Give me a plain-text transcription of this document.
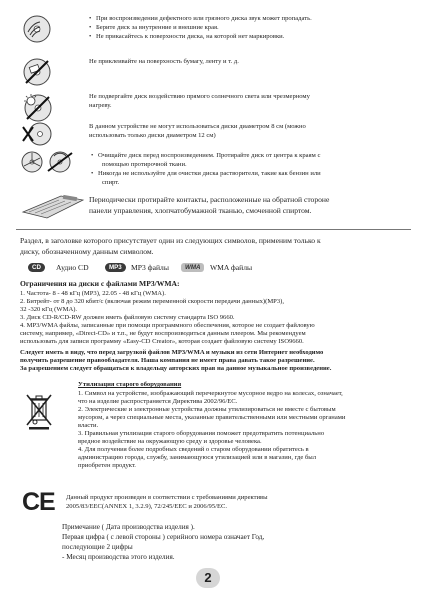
• При воспроизведении дефектного или грязного диска звук может пропадать.
• Берите диск за внутренние и внешние края.
• Не прикасайтесь к поверхности диска, на которой нет маркировки.
Не приклеивайте на поверхность бумагу, ленту и т. д.
Не подвергайте диск воздействию прямого солнечного света или чрезмерному
нагреву.
В данном устройстве не могут использоваться диски диаметром 8 см (можно
использовать только диски диаметром 12 см)
• Очищайте диск перед воспроизведением. Протирайте диск от центра к краям с
помощью протирочной ткани.
• Никогда не используйте для очистки диска растворители, такие как бензин или
спирт.
Периодически протирайте контакты, расположенные на обратной стороне
панели управления, хлопчатобумажной тканью, смоченной спиртом.
Раздел, в заголовке которого присутствует один из следующих символов, применим только к
диску, обозначенному данным символом.
CD	Аудио CD	MP3	MP3 файлы	WMA	WMA файлы
Ограничения на диски с файлами MP3/WMA:
1. Частота- 8 - 48 кГц (MP3), 22.05 - 48 кГц (WMA).
2. Битрейт- от 8 до 320 кбит/с (включая режим переменной скорости передачи данных)(MP3),
32 -320 кГц (WMA).
3. Диск CD-R/CD-RW должен иметь файловую систему стандарта ISO 9660.
4. MP3/WMA файлы, записанные при помощи программного обеспечения, которое не создает файловую
систему, например, «Direct-CD» и т.п., не будут воспроизводиться данным плеером. Мы рекомендуем
использовать для записи программу «Easy-CD Creator», которая создает файловую систему ISO9660.
Следует иметь в виду, что перед загрузкой файлов MP3/WMA и музыки из сети Интернет необходимо
получить разрешение правообладателя. Наша компания не имеет права давать такое разрешение.
За разрешением следует обращаться к владельцу авторских прав на данное музыкальное произведение.
Утилизация старого оборудования
1. Символ на устройстве, изображающий перечеркнутое мусорное ведро на колесах, означает,
что на изделие распространяется Директива 2002/96/EC.
2. Электрические и электронные устройства должны утилизироваться не вместе с бытовым
мусором, а через специальные места, указанные правительственными или местными органами
власти.
3. Правильная утилизация старого оборудования поможет предотвратить потенциально
вредное воздействие на окружающую среду и здоровье человека.
4. Для получения более подробных сведений о старом оборудовании обратитесь в
администрацию города, службу, занимающуюся утилизацией или в магазин, где был
приобретен продукт.
CE Данный продукт произведен в соответствии с требованиями директивы
2005/83/EEC(ANNEX 1, 3.2.9), 72/245/EEC и 2006/95/EC.
Примечание ( Дата производства изделия ).
Первая цифра ( с левой стороны ) серийного номера означает Год,
последующие 2 цифры
- Месяц производства этого изделия.
2
